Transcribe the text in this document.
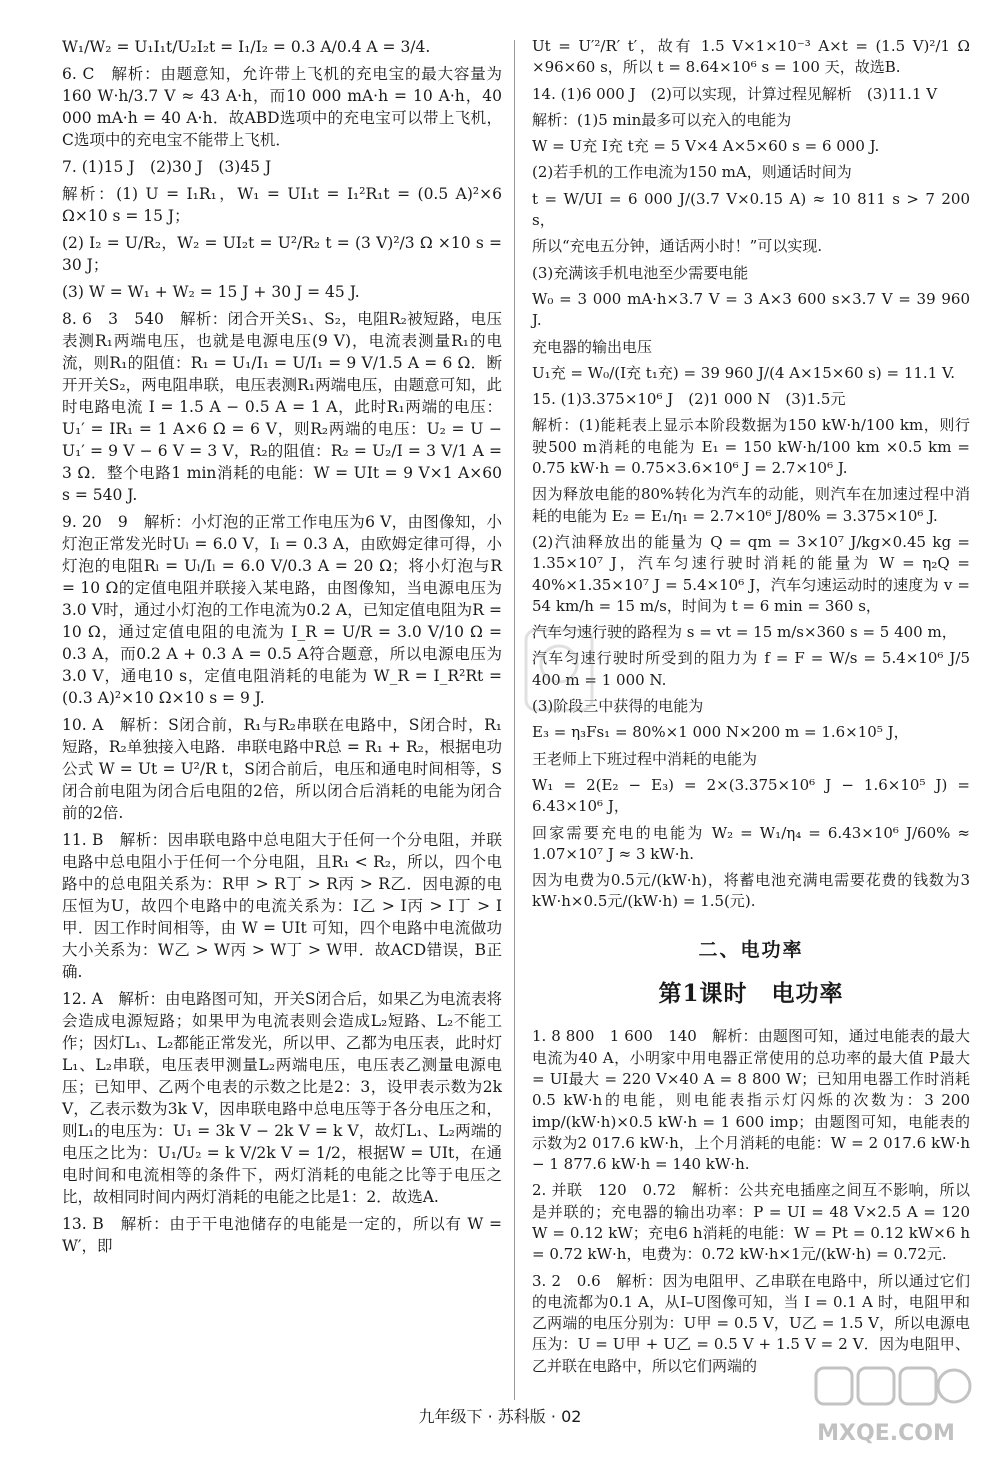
W₁/W₂ = U₁I₁t/U₂I₂t = I₁/I₂ = 0.3 A/0.4 A = 3/4.

6. C　解析：由题意知，允许带上飞机的充电宝的最大容量为 160 W·h/3.7 V ≈ 43 A·h，而10 000 mA·h = 10 A·h，40 000 mA·h = 40 A·h．故ABD选项中的充电宝可以带上飞机，C选项中的充电宝不能带上飞机．

7. (1)15 J　(2)30 J　(3)45 J

解析：(1) U = I₁R₁，W₁ = UI₁t = I₁²R₁t = (0.5 A)²×6 Ω×10 s = 15 J；

(2) I₂ = U/R₂，W₂ = UI₂t = U²/R₂ t = (3 V)²/3 Ω ×10 s = 30 J；

(3) W = W₁ + W₂ = 15 J + 30 J = 45 J.

8. 6　3　540　解析：闭合开关S₁、S₂，电阻R₂被短路，电压表测R₁两端电压，也就是电源电压(9 V)，电流表测量R₁的电流，则R₁的阻值：R₁ = U₁/I₁ = U/I₁ = 9 V/1.5 A = 6 Ω．断开开关S₂，两电阻串联，电压表测R₁两端电压，由题意可知，此时电路电流 I = 1.5 A − 0.5 A = 1 A，此时R₁两端的电压：U₁′ = IR₁ = 1 A×6 Ω = 6 V，则R₂两端的电压：U₂ = U − U₁′ = 9 V − 6 V = 3 V，R₂的阻值：R₂ = U₂/I = 3 V/1 A = 3 Ω．整个电路1 min消耗的电能：W = UIt = 9 V×1 A×60 s = 540 J.

9. 20　9　解析：小灯泡的正常工作电压为6 V，由图像知，小灯泡正常发光时Uₗ = 6.0 V，Iₗ = 0.3 A，由欧姆定律可得，小灯泡的电阻Rₗ = Uₗ/Iₗ = 6.0 V/0.3 A = 20 Ω；将小灯泡与R = 10 Ω的定值电阻并联接入某电路，由图像知，当电源电压为3.0 V时，通过小灯泡的工作电流为0.2 A，已知定值电阻为R = 10 Ω，通过定值电阻的电流为 I_R = U/R = 3.0 V/10 Ω = 0.3 A，而0.2 A + 0.3 A = 0.5 A符合题意，所以电源电压为3.0 V，通电10 s，定值电阻消耗的电能为 W_R = I_R²Rt = (0.3 A)²×10 Ω×10 s = 9 J.

10. A　解析：S闭合前，R₁与R₂串联在电路中，S闭合时，R₁短路，R₂单独接入电路．串联电路中R总 = R₁ + R₂，根据电功公式 W = Ut = U²/R t，S闭合前后，电压和通电时间相等，S闭合前电阻为闭合后电阻的2倍，所以闭合后消耗的电能为闭合前的2倍.

11. B　解析：因串联电路中总电阻大于任何一个分电阻，并联电路中总电阻小于任何一个分电阻，且R₁ < R₂，所以，四个电路中的总电阻关系为：R甲 > R丁 > R丙 > R乙．因电源的电压恒为U，故四个电路中的电流关系为：I乙 > I丙 > I丁 > I甲．因工作时间相等，由 W = UIt 可知，四个电路中电流做功大小关系为：W乙 > W丙 > W丁 > W甲．故ACD错误，B正确.

12. A　解析：由电路图可知，开关S闭合后，如果乙为电流表将会造成电源短路；如果甲为电流表则会造成L₂短路、L₂不能工作；因灯L₁、L₂都能正常发光，所以甲、乙都为电压表，此时灯L₁、L₂串联，电压表甲测量L₂两端电压，电压表乙测量电源电压；已知甲、乙两个电表的示数之比是2：3，设甲表示数为2k V，乙表示数为3k V，因串联电路中总电压等于各分电压之和，则L₁的电压为：U₁ = 3k V − 2k V = k V，故灯L₁、L₂两端的电压之比为：U₁/U₂ = k V/2k V = 1/2，根据W = UIt，在通电时间和电流相等的条件下，两灯消耗的电能之比等于电压之比，故相同时间内两灯消耗的电能之比是1：2．故选A.

13. B　解析：由于干电池储存的电能是一定的，所以有 W = W′，即

Ut = U′²/R′ t′，故有 1.5 V×1×10⁻³ A×t = (1.5 V)²/1 Ω ×96×60 s，所以 t = 8.64×10⁶ s = 100 天，故选B.

14. (1)6 000 J　(2)可以实现，计算过程见解析　(3)11.1 V

解析：(1)5 min最多可以充入的电能为

W = U充 I充 t充 = 5 V×4 A×5×60 s = 6 000 J.

(2)若手机的工作电流为150 mA，则通话时间为

t = W/UI = 6 000 J/(3.7 V×0.15 A) ≈ 10 811 s > 7 200 s，

所以“充电五分钟，通话两小时！”可以实现.

(3)充满该手机电池至少需要电能

W₀ = 3 000 mA·h×3.7 V = 3 A×3 600 s×3.7 V = 39 960 J.

充电器的输出电压

U₁充 = W₀/(I充 t₁充) = 39 960 J/(4 A×15×60 s) = 11.1 V.

15. (1)3.375×10⁶ J　(2)1 000 N　(3)1.5元

解析：(1)能耗表上显示本阶段数据为150 kW·h/100 km，则行驶500 m消耗的电能为 E₁ = 150 kW·h/100 km ×0.5 km = 0.75 kW·h = 0.75×3.6×10⁶ J = 2.7×10⁶ J.

因为释放电能的80%转化为汽车的动能，则汽车在加速过程中消耗的电能为 E₂ = E₁/η₁ = 2.7×10⁶ J/80% = 3.375×10⁶ J.

(2)汽油释放出的能量为 Q = qm = 3×10⁷ J/kg×0.45 kg = 1.35×10⁷ J，汽车匀速行驶时消耗的能量为 W = η₂Q = 40%×1.35×10⁷ J = 5.4×10⁶ J，汽车匀速运动时的速度为 v = 54 km/h = 15 m/s，时间为 t = 6 min = 360 s，

汽车匀速行驶的路程为 s = vt = 15 m/s×360 s = 5 400 m，

汽车匀速行驶时所受到的阻力为 f = F = W/s = 5.4×10⁶ J/5 400 m = 1 000 N.

(3)阶段三中获得的电能为

E₃ = η₃Fs₁ = 80%×1 000 N×200 m = 1.6×10⁵ J，

王老师上下班过程中消耗的电能为

W₁ = 2(E₂ − E₃) = 2×(3.375×10⁶ J − 1.6×10⁵ J) = 6.43×10⁶ J，

回家需要充电的电能为 W₂ = W₁/η₄ = 6.43×10⁶ J/60% ≈ 1.07×10⁷ J ≈ 3 kW·h.

因为电费为0.5元/(kW·h)，将蓄电池充满电需要花费的钱数为3 kW·h×0.5元/(kW·h) = 1.5(元).

二、电功率
第1课时　电功率

1. 8 800　1 600　140　解析：由题图可知，通过电能表的最大电流为40 A，小明家中用电器正常使用的总功率的最大值 P最大 = UI最大 = 220 V×40 A = 8 800 W；已知用电器工作时消耗0.5 kW·h的电能，则电能表指示灯闪烁的次数为：3 200 imp/(kW·h)×0.5 kW·h = 1 600 imp；由题图可知，电能表的示数为2 017.6 kW·h，上个月消耗的电能：W = 2 017.6 kW·h − 1 877.6 kW·h = 140 kW·h.

2. 并联　120　0.72　解析：公共充电插座之间互不影响，所以是并联的；充电器的输出功率：P = UI = 48 V×2.5 A = 120 W = 0.12 kW；充电6 h消耗的电能：W = Pt = 0.12 kW×6 h = 0.72 kW·h，电费为：0.72 kW·h×1元/(kW·h) = 0.72元.

3. 2　0.6　解析：因为电阻甲、乙串联在电路中，所以通过它们的电流都为0.1 A，从I–U图像可知，当 I = 0.1 A 时，电阻甲和乙两端的电压分别为：U甲 = 0.5 V，U乙 = 1.5 V，所以电源电压为：U = U甲 + U乙 = 0.5 V + 1.5 V = 2 V．因为电阻甲、乙并联在电路中，所以它们两端的

九年级下 · 苏科版 · 02
MXQE.COM
